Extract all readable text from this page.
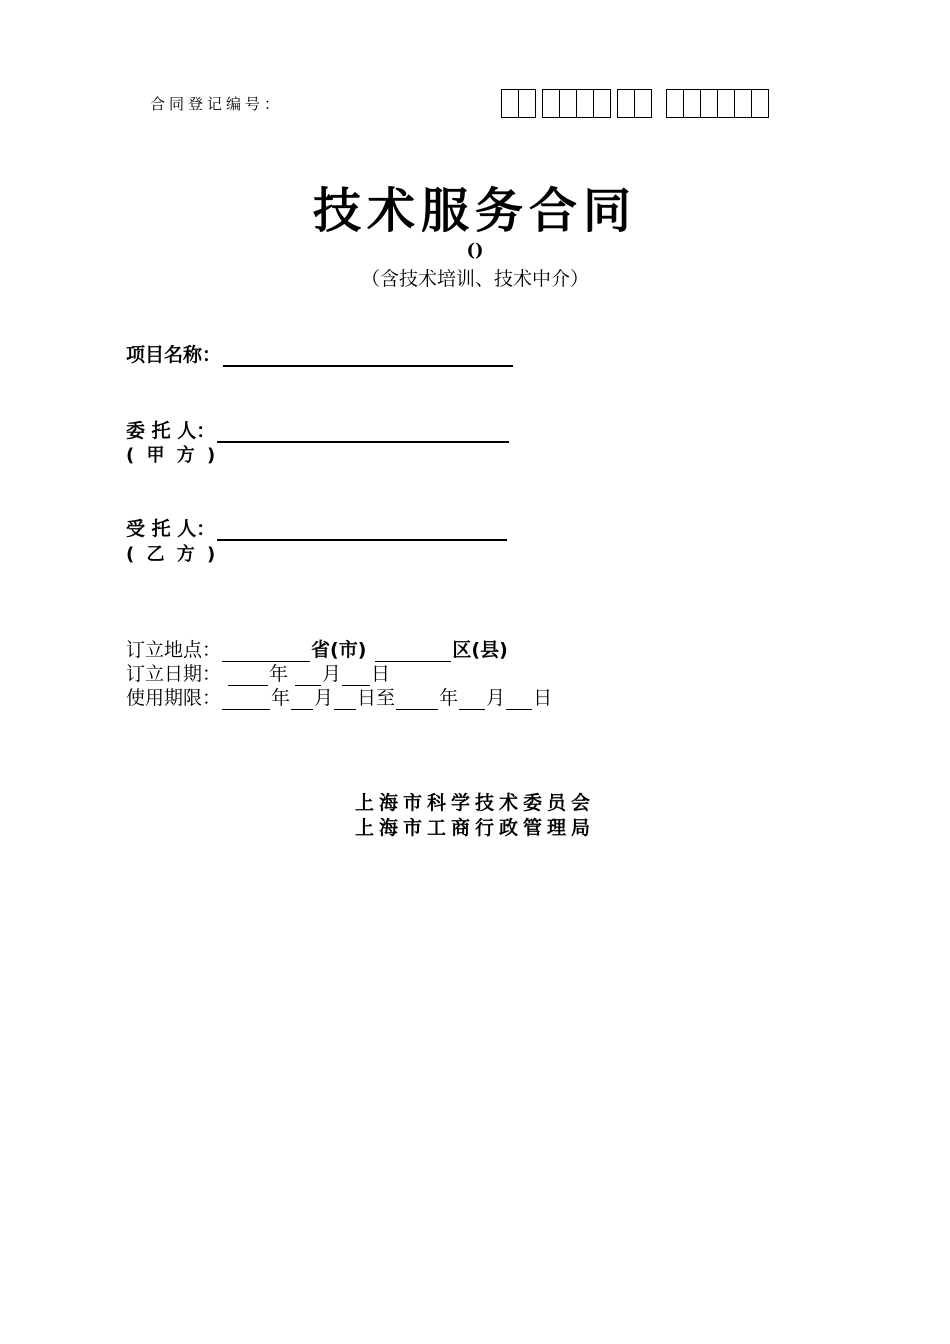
合同登记编号：
技术服务合同
()
（含技术培训、技术中介）
项目名称：
委 托 人：
( 甲 方 )
受 托 人：
( 乙 方 )
订立地点：	省(市)	区(县)
订立日期：	年 月 日
使用期限：	年 月 日至 年 月 日
上海市科学技术委员会
上海市工商行政管理局
